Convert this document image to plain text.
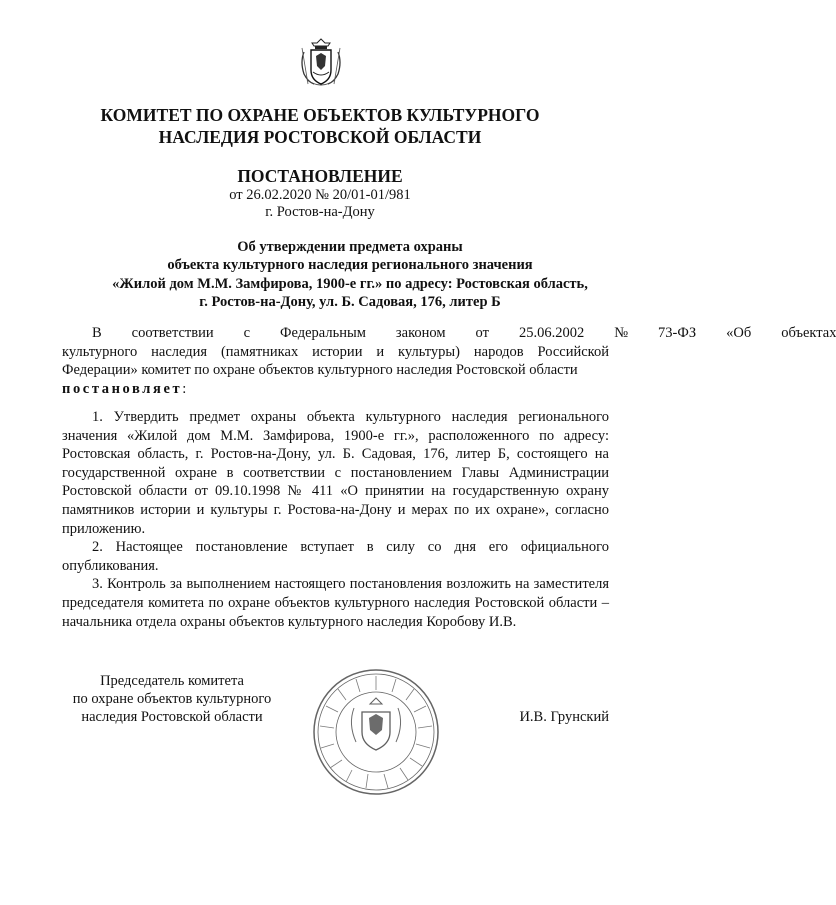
КОМИТЕТ ПО ОХРАНЕ ОБЪЕКТОВ КУЛЬТУРНОГО
НАСЛЕДИЯ РОСТОВСКОЙ ОБЛАСТИ
ПОСТАНОВЛЕНИЕ
от 26.02.2020 № 20/01-01/981
г. Ростов-на-Дону
Об утверждении предмета охраны
объекта культурного наследия регионального значения
«Жилой дом М.М. Замфирова, 1900-е гг.» по адресу: Ростовская область,
г. Ростов-на-Дону, ул. Б. Садовая, 176, литер Б
В	соответствии	с	Федеральным	законом	от	25.06.2002	№	73-ФЗ	«Об	объектах
культурного наследия (памятниках истории и культуры) народов Российской
Федерации» комитет по охране объектов культурного наследия Ростовской области
постановляет:

1. Утвердить предмет охраны объекта культурного наследия регионального значения «Жилой дом М.М. Замфирова, 1900-е гг.», расположенного по адресу: Ростовская область, г. Ростов-на-Дону, ул. Б. Садовая, 176, литер Б, состоящего на государственной охране в соответствии с постановлением Главы Администрации Ростовской области от 09.10.1998 № 411 «О принятии на государственную охрану памятников истории и культуры г. Ростова-на-Дону и мерах по их охране», согласно приложению.

2. Настоящее постановление вступает в силу со дня его официального опубликования.

3. Контроль за выполнением настоящего постановления возложить на заместителя председателя комитета по охране объектов культурного наследия Ростовской области – начальника отдела охраны объектов культурного наследия Коробову И.В.

Председатель комитета
по охране объектов культурного
наследия Ростовской области	И.В. Грунский
